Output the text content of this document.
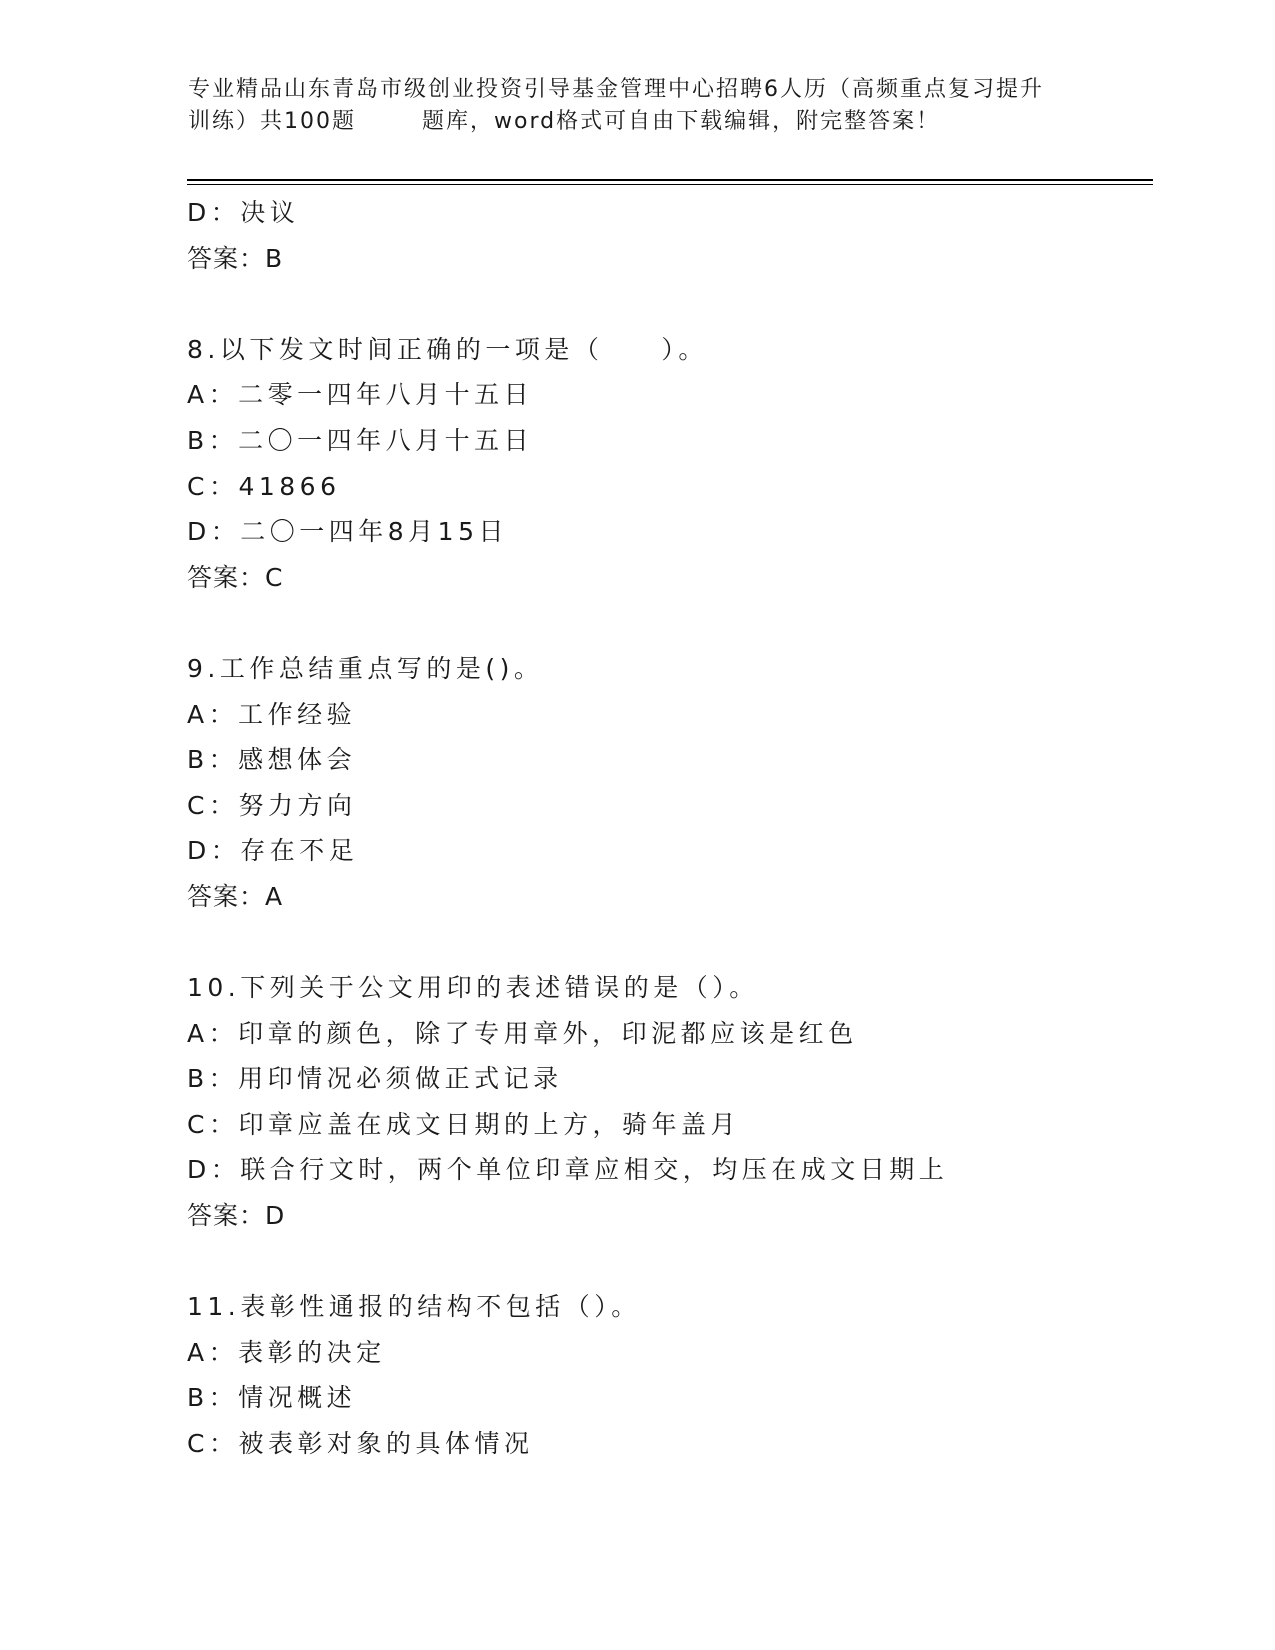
专业精品山东青岛市级创业投资引导基金管理中心招聘6人历（高频重点复习提升
训练）共100题	题库，word格式可自由下载编辑，附完整答案！
D：决议
答案：B
8.以下发文时间正确的一项是（ ）。
A：二零一四年八月十五日
B：二〇一四年八月十五日
C：41866
D：二〇一四年8月15日
答案：C
9.工作总结重点写的是()。
A：工作经验
B：感想体会
C：努力方向
D：存在不足
答案：A
10.下列关于公文用印的表述错误的是（）。
A：印章的颜色，除了专用章外，印泥都应该是红色
B：用印情况必须做正式记录
C：印章应盖在成文日期的上方，骑年盖月
D：联合行文时，两个单位印章应相交，均压在成文日期上
答案：D
11.表彰性通报的结构不包括（）。
A：表彰的决定
B：情况概述
C：被表彰对象的具体情况
